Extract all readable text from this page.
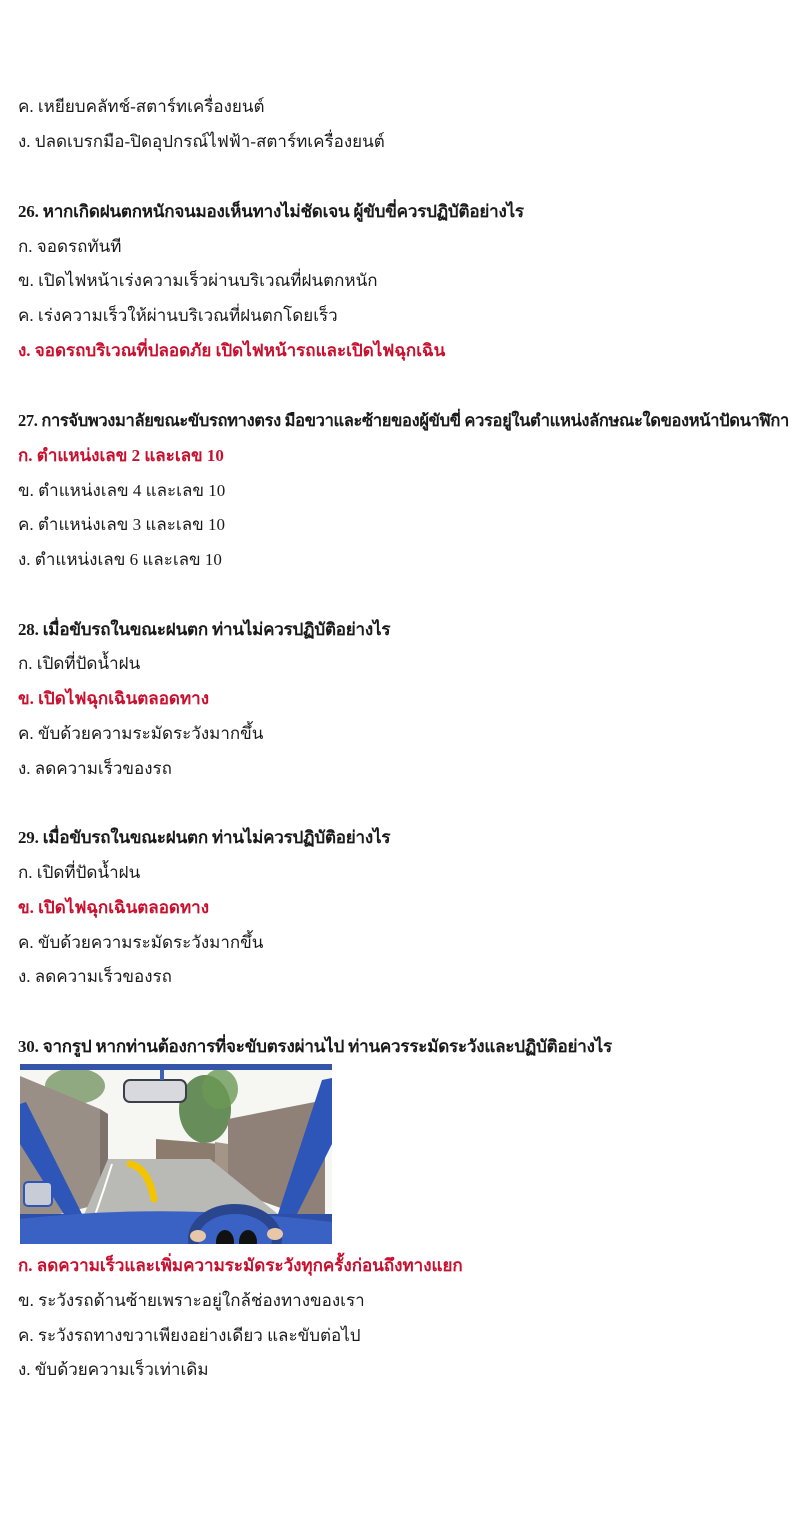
ค. เหยียบคลัทช์-สตาร์ทเครื่องยนต์
ง. ปลดเบรกมือ-ปิดอุปกรณ์ไฟฟ้า-สตาร์ทเครื่องยนต์
26. หากเกิดฝนตกหนักจนมองเห็นทางไม่ชัดเจน ผู้ขับขี่ควรปฏิบัติอย่างไร
ก. จอดรถทันที
ข. เปิดไฟหน้าเร่งความเร็วผ่านบริเวณที่ฝนตกหนัก
ค. เร่งความเร็วให้ผ่านบริเวณที่ฝนตกโดยเร็ว
ง. จอดรถบริเวณที่ปลอดภัย เปิดไฟหน้ารถและเปิดไฟฉุกเฉิน
27. การจับพวงมาลัยขณะขับรถทางตรง มือขวาและซ้ายของผู้ขับขี่ ควรอยู่ในตำแหน่งลักษณะใดของหน้าปัดนาฬิกา
ก. ตำแหน่งเลข 2 และเลข 10
ข. ตำแหน่งเลข 4 และเลข 10
ค. ตำแหน่งเลข 3 และเลข 10
ง. ตำแหน่งเลข 6 และเลข 10
28. เมื่อขับรถในขณะฝนตก ท่านไม่ควรปฏิบัติอย่างไร
ก. เปิดที่ปัดน้ำฝน
ข. เปิดไฟฉุกเฉินตลอดทาง
ค. ขับด้วยความระมัดระวังมากขึ้น
ง. ลดความเร็วของรถ
29. เมื่อขับรถในขณะฝนตก ท่านไม่ควรปฏิบัติอย่างไร
ก. เปิดที่ปัดน้ำฝน
ข. เปิดไฟฉุกเฉินตลอดทาง
ค. ขับด้วยความระมัดระวังมากขึ้น
ง. ลดความเร็วของรถ
30. จากรูป หากท่านต้องการที่จะขับตรงผ่านไป ท่านควรระมัดระวังและปฏิบัติอย่างไร
ก. ลดความเร็วและเพิ่มความระมัดระวังทุกครั้งก่อนถึงทางแยก
ข. ระวังรถด้านซ้ายเพราะอยู่ใกล้ช่องทางของเรา
ค. ระวังรถทางขวาเพียงอย่างเดียว และขับต่อไป
ง. ขับด้วยความเร็วเท่าเดิม
